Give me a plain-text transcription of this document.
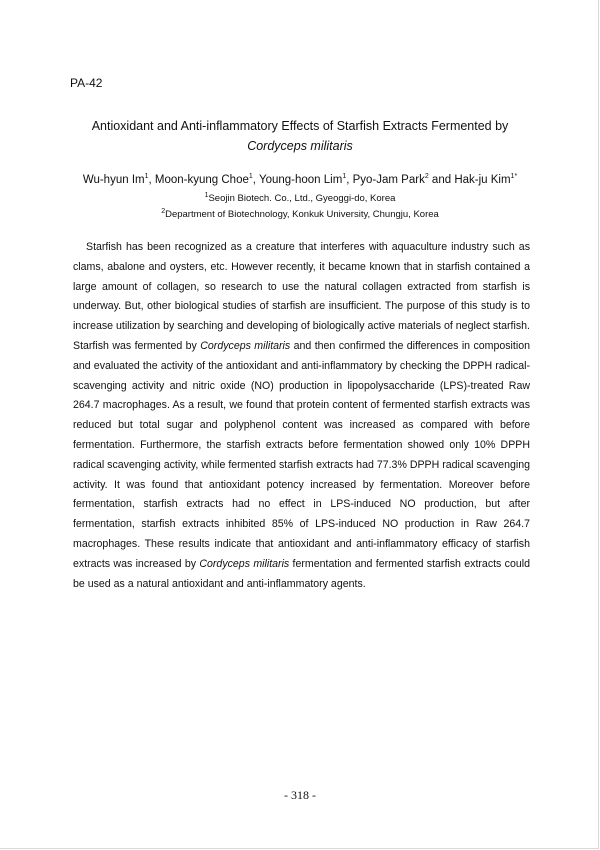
PA-42
Antioxidant and Anti-inflammatory Effects of Starfish Extracts Fermented by
Cordyceps militaris
Wu-hyun Im$^1$, Moon-kyung Choe$^1$, Young-hoon Lim$^1$, Pyo-Jam Park$^2$ and Hak-ju Kim$^{1*}$
$^1$Seojin Biotech. Co., Ltd., Gyeoggi-do, Korea
$^2$Department of Biotechnology, Konkuk University, Chungju, Korea

Starfish has been recognized as a creature that interferes with aquaculture industry such as clams, abalone and oysters, etc. However recently, it became known that in starfish contained a large amount of collagen, so research to use the natural collagen extracted from starfish is underway. But, other biological studies of starfish are insufficient. The purpose of this study is to increase utilization by searching and developing of biologically active materials of neglect starfish. Starfish was fermented by Cordyceps militaris and then confirmed the differences in composition and evaluated the activity of the antioxidant and anti-inflammatory by checking the DPPH radical-scavenging activity and nitric oxide (NO) production in lipopolysaccharide (LPS)-treated Raw 264.7 macrophages. As a result, we found that protein content of fermented starfish extracts was reduced but total sugar and polyphenol content was increased as compared with before fermentation. Furthermore, the starfish extracts before fermentation showed only 10% DPPH radical scavenging activity, while fermented starfish extracts had 77.3% DPPH radical scavenging activity. It was found that antioxidant potency increased by fermentation. Moreover before fermentation, starfish extracts had no effect in LPS-induced NO production, but after fermentation, starfish extracts inhibited 85% of LPS-induced NO production in Raw 264.7 macrophages. These results indicate that antioxidant and anti-inflammatory efficacy of starfish extracts was increased by Cordyceps militaris fermentation and fermented starfish extracts could be used as a natural antioxidant and anti-inflammatory agents.

- 318 -
